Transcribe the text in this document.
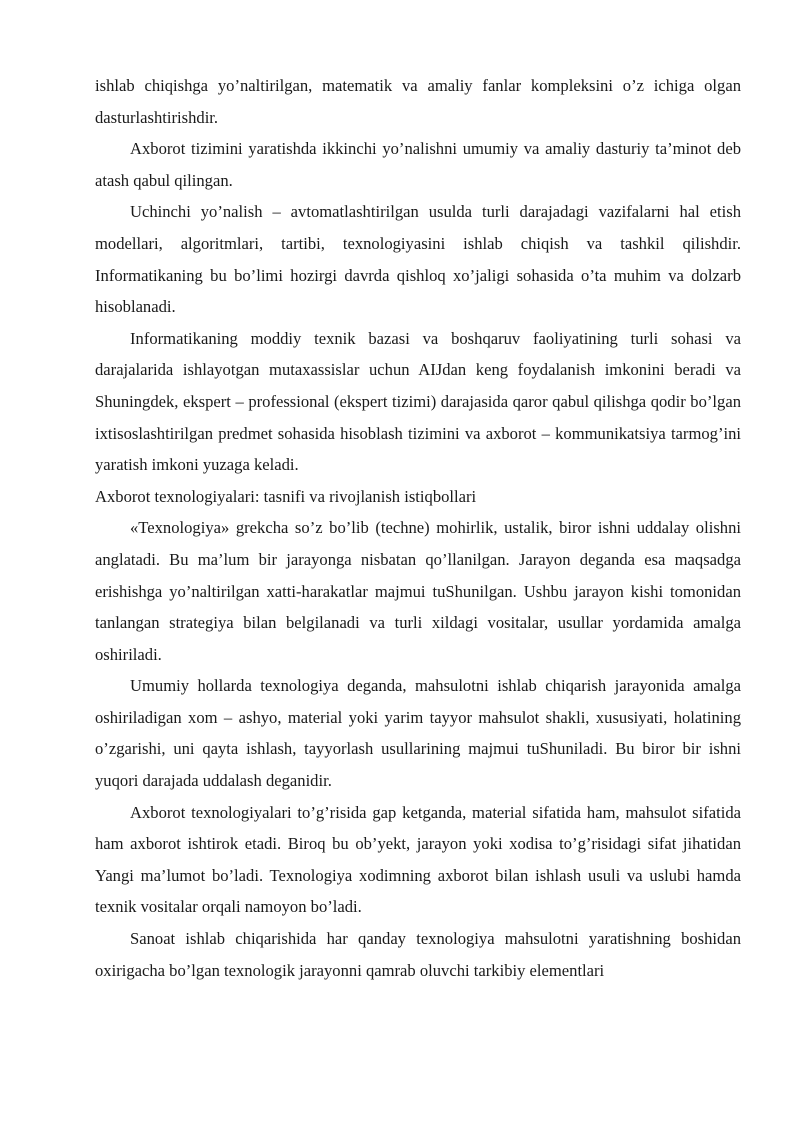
ishlab chiqishga yo’naltirilgan, matematik va amaliy fanlar kompleksini o’z ichiga olgan dasturlashtirishdir.

Axborot tizimini yaratishda ikkinchi yo’nalishni umumiy va amaliy dasturiy ta’minot deb atash qabul qilingan.

Uchinchi yo’nalish – avtomatlashtirilgan usulda turli darajadagi vazifalarni hal etish modellari, algoritmlari, tartibi, texnologiyasini ishlab chiqish va tashkil qilishdir. Informatikaning bu bo’limi hozirgi davrda qishloq xo’jaligi sohasida o’ta muhim va dolzarb hisoblanadi.

Informatikaning moddiy texnik bazasi va boshqaruv faoliyatining turli sohasi va darajalarida ishlayotgan mutaxassislar uchun AIJdan keng foydalanish imkonini beradi va Shuningdek, ekspert – professional (ekspert tizimi) darajasida qaror qabul qilishga qodir bo’lgan ixtisoslashtirilgan predmet sohasida hisoblash tizimini va axborot – kommunikatsiya tarmog’ini yaratish imkoni yuzaga keladi.

Axborot texnologiyalari: tasnifi va rivojlanish istiqbollari

«Texnologiya» grekcha so’z bo’lib (techne) mohirlik, ustalik, biror ishni uddalay olishni anglatadi. Bu ma’lum bir jarayonga nisbatan qo’llanilgan. Jarayon deganda esa maqsadga erishishga yo’naltirilgan xatti-harakatlar majmui tuShunilgan. Ushbu jarayon kishi tomonidan tanlangan strategiya bilan belgilanadi va turli xildagi vositalar, usullar yordamida amalga oshiriladi.

Umumiy hollarda texnologiya deganda, mahsulotni ishlab chiqarish jarayonida amalga oshiriladigan xom – ashyo, material yoki yarim tayyor mahsulot shakli, xususiyati, holatining o’zgarishi, uni qayta ishlash, tayyorlash usullarining majmui tuShuniladi. Bu biror bir ishni yuqori darajada uddalash deganidir.

Axborot texnologiyalari to’g’risida gap ketganda, material sifatida ham, mahsulot sifatida ham axborot ishtirok etadi. Biroq bu ob’yekt, jarayon yoki xodisa to’g’risidagi sifat jihatidan Yangi ma’lumot bo’ladi. Texnologiya xodimning axborot bilan ishlash usuli va uslubi hamda texnik vositalar orqali namoyon bo’ladi.

Sanoat ishlab chiqarishida har qanday texnologiya mahsulotni yaratishning boshidan oxirigacha bo’lgan texnologik jarayonni qamrab oluvchi tarkibiy elementlari
